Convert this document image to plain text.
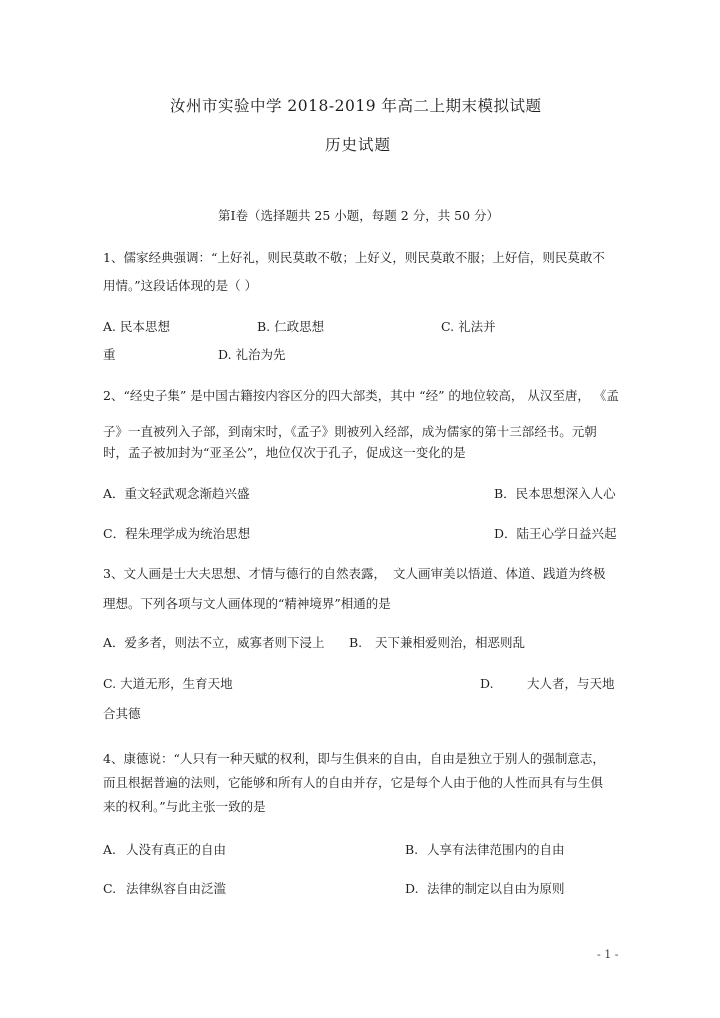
汝州市实验中学 2018-2019 年高二上期末模拟试题
历史试题
第Ⅰ卷（选择题共 25 小题，每题 2 分，共 50 分）
1、儒家经典强调：“上好礼，则民莫敢不敬；上好义，则民莫敢不服；上好信，则民莫敢不
用情。”这段话体现的是（ ）
A. 民本思想	B. 仁政思想	C. 礼法并
重	D. 礼治为先
2、“经史子集” 是中国古籍按内容区分的四大部类，其中 “经” 的地位较高， 从汉至唐， 《孟
子》一直被列入子部，到南宋时，《孟子》則被列入经部，成为儒家的第十三部经书。元朝
时，孟子被加封为“亚圣公”，地位仅次于孔子，促成这一变化的是
A．重文轻武观念渐趋兴盛	B．民本思想深入人心
C．程朱理学成为统治思想	D．陆王心学日益兴起
3、文人画是士大夫思想、才情与德行的自然表露， 文人画审美以悟道、体道、践道为终极
理想。下列各项与文人画体现的“精神境界”相通的是
A．爱多者，则法不立，威寡者则下浸上 B. 天下兼相爱则治，相恶则乱
C. 大道无形，生育天地	D.	大人者，与天地
合其德
4、康德说：“人只有一种天赋的权利，即与生俱来的自由，自由是独立于别人的强制意志，
而且根据普遍的法则，它能够和所有人的自由并存，它是每个人由于他的人性而具有与生俱
来的权利。”与此主张一致的是
A. 人没有真正的自由	B. 人享有法律范围内的自由
C. 法律纵容自由泛滥	D. 法律的制定以自由为原则
- 1 -
